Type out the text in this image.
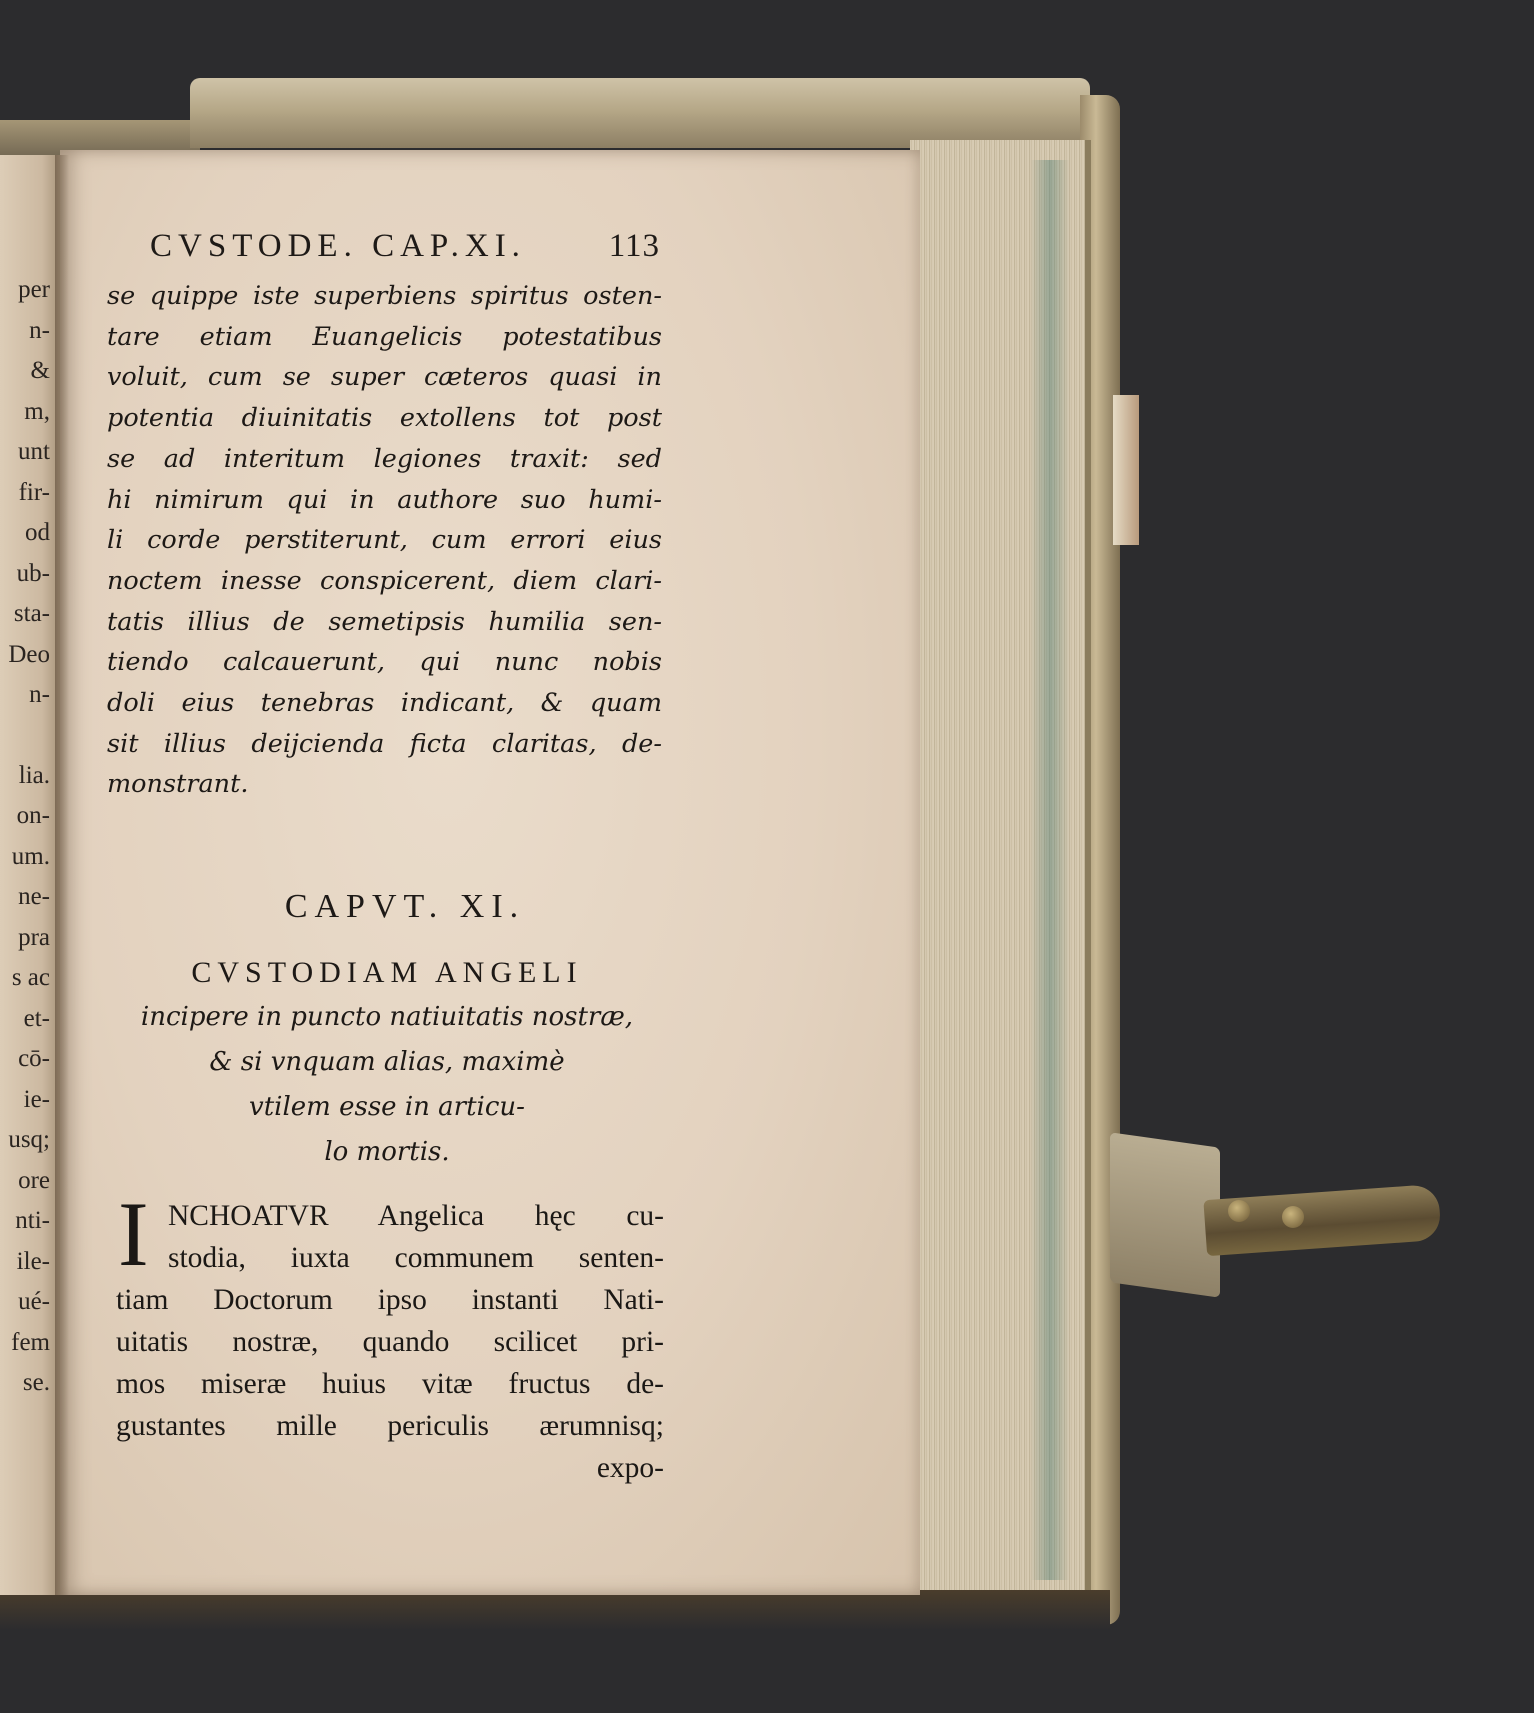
per
n-
&
m,
unt
fir-
od
ub-
sta-
Deo
n-
lia.
on-
um.
ne-
pra
s ac
et-
cō-
ie-
usq;
ore
nti-
ile-
ué-
fem
se.
CVSTODE. CAP.XI.	113
se quippe iste superbiens spiritus osten-
tare etiam Euangelicis potestatibus
voluit, cum se super cæteros quasi in
potentia diuinitatis extollens tot post
se ad interitum legiones traxit: sed
hi nimirum qui in authore suo humi-
li corde perstiterunt, cum errori eius
noctem inesse conspicerent, diem clari-
tatis illius de semetipsis humilia sen-
tiendo calcauerunt, qui nunc nobis
doli eius tenebras indicant, & quam
sit illius deijcienda ficta claritas, de-
monstrant.
CAPVT. XI.
CVSTODIAM ANGELI
incipere in puncto natiuitatis nostræ,
& si vnquam alias, maximè
vtilem esse in articu-
lo mortis.
I NCHOATVR Angelica hęc cu-
stodia, iuxta communem senten-
tiam Doctorum ipso instanti Nati-
uitatis nostræ, quando scilicet pri-
mos miseræ huius vitæ fructus de-
gustantes mille periculis ærumnisq;
expo-
